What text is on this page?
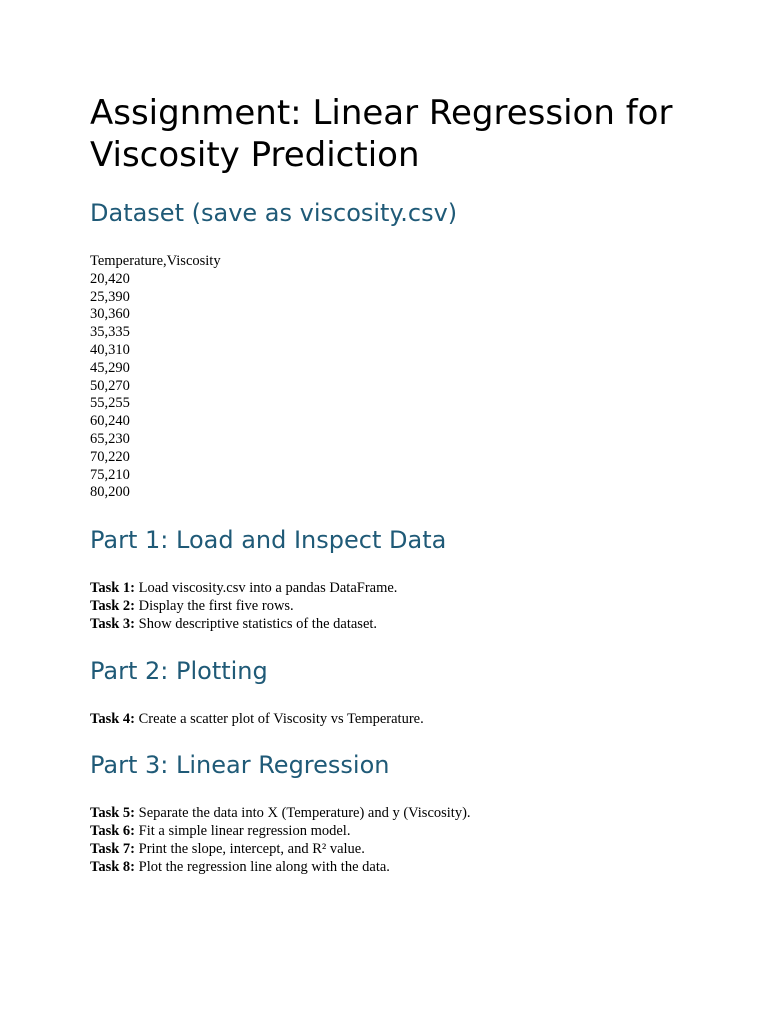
Assignment: Linear Regression for Viscosity Prediction
Dataset (save as viscosity.csv)
Temperature,Viscosity
20,420
25,390
30,360
35,335
40,310
45,290
50,270
55,255
60,240
65,230
70,220
75,210
80,200
Part 1: Load and Inspect Data
Task 1: Load viscosity.csv into a pandas DataFrame.
Task 2: Display the first five rows.
Task 3: Show descriptive statistics of the dataset.
Part 2: Plotting
Task 4: Create a scatter plot of Viscosity vs Temperature.
Part 3: Linear Regression
Task 5: Separate the data into X (Temperature) and y (Viscosity).
Task 6: Fit a simple linear regression model.
Task 7: Print the slope, intercept, and R² value.
Task 8: Plot the regression line along with the data.
